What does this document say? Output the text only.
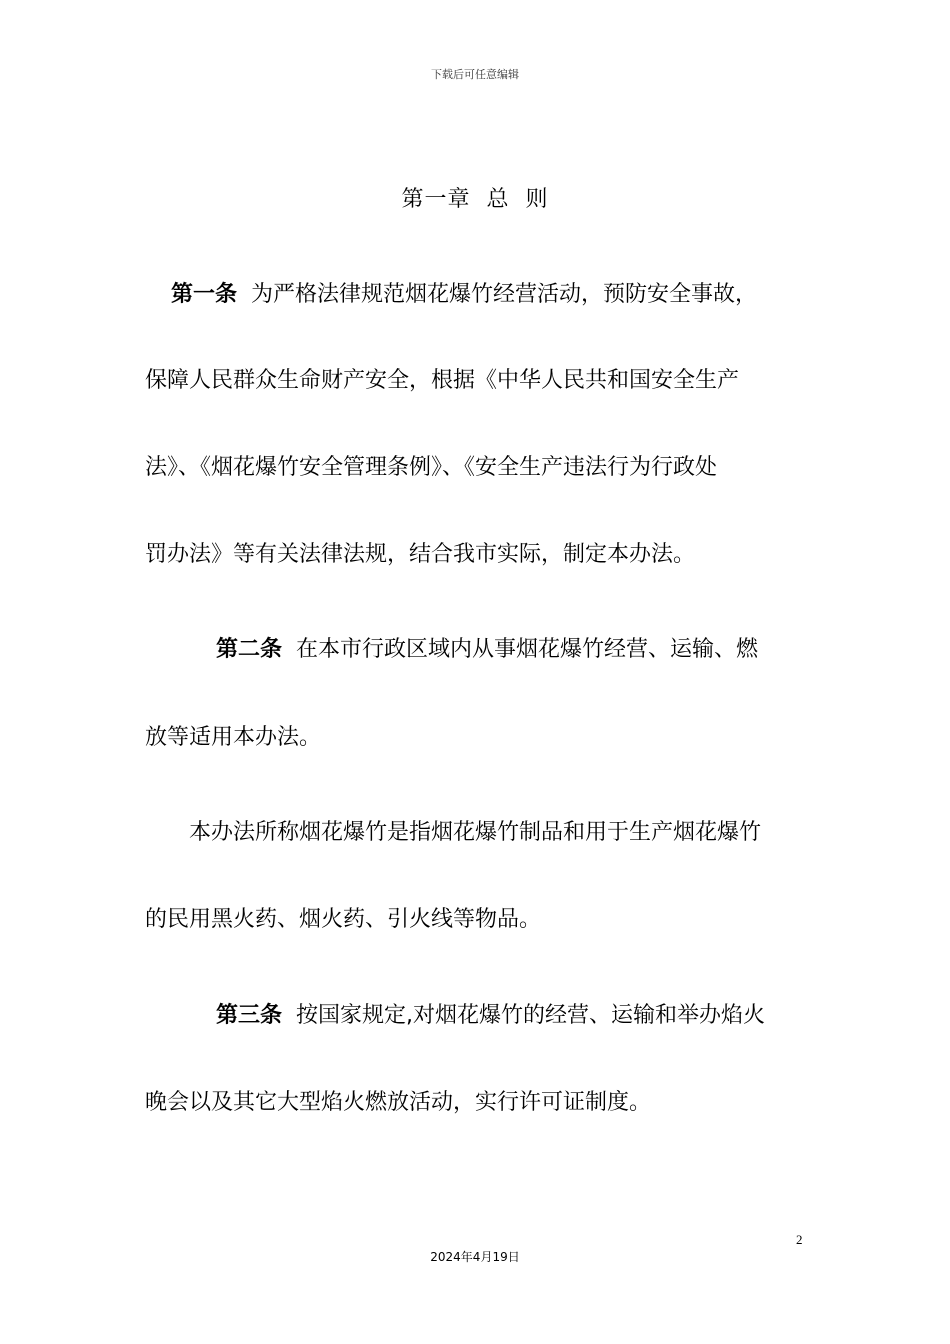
下载后可任意编辑
第一章  总  则
第一条 为严格法律规范烟花爆竹经营活动，预防安全事故，
保障人民群众生命财产安全，根据《中华人民共和国安全生产
法》、《烟花爆竹安全管理条例》、《安全生产违法行为行政处
罚办法》等有关法律法规，结合我市实际，制定本办法。
第二条 在本市行政区域内从事烟花爆竹经营、运输、燃
放等适用本办法。
本办法所称烟花爆竹是指烟花爆竹制品和用于生产烟花爆竹
的民用黑火药、烟火药、引火线等物品。
第三条 按国家规定,对烟花爆竹的经营、运输和举办焰火
晚会以及其它大型焰火燃放活动，实行许可证制度。
2
2024年4月19日
